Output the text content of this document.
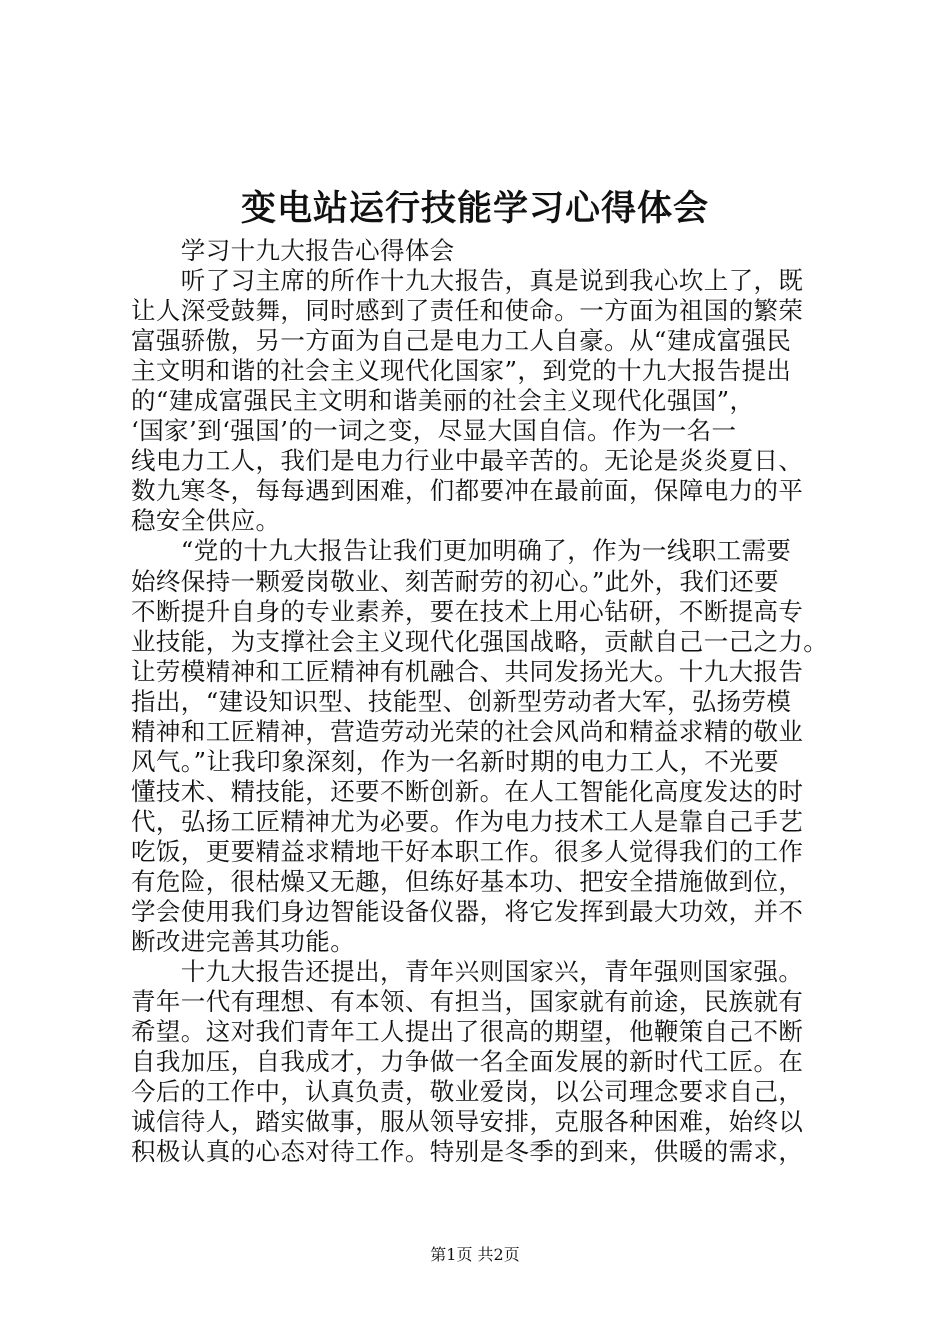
变电站运行技能学习心得体会
　　学习十九大报告心得体会
　　听了习主席的所作十九大报告，真是说到我心坎上了，既
让人深受鼓舞，同时感到了责任和使命。一方面为祖国的繁荣
富强骄傲，另一方面为自己是电力工人自豪。从“建成富强民
主文明和谐的社会主义现代化国家”，到党的十九大报告提出
的“建成富强民主文明和谐美丽的社会主义现代化强国”，
‘国家’到‘强国’的一词之变，尽显大国自信。作为一名一
线电力工人，我们是电力行业中最辛苦的。无论是炎炎夏日、
数九寒冬，每每遇到困难，们都要冲在最前面，保障电力的平
稳安全供应。
　　“党的十九大报告让我们更加明确了，作为一线职工需要
始终保持一颗爱岗敬业、刻苦耐劳的初心。”此外，我们还要
不断提升自身的专业素养，要在技术上用心钻研，不断提高专
业技能，为支撑社会主义现代化强国战略，贡献自己一己之力。
让劳模精神和工匠精神有机融合、共同发扬光大。十九大报告
指出，“建设知识型、技能型、创新型劳动者大军，弘扬劳模
精神和工匠精神，营造劳动光荣的社会风尚和精益求精的敬业
风气。”让我印象深刻，作为一名新时期的电力工人，不光要
懂技术、精技能，还要不断创新。在人工智能化高度发达的时
代，弘扬工匠精神尤为必要。作为电力技术工人是靠自己手艺
吃饭，更要精益求精地干好本职工作。很多人觉得我们的工作
有危险，很枯燥又无趣，但练好基本功、把安全措施做到位，
学会使用我们身边智能设备仪器，将它发挥到最大功效，并不
断改进完善其功能。
　　十九大报告还提出，青年兴则国家兴，青年强则国家强。
青年一代有理想、有本领、有担当，国家就有前途，民族就有
希望。这对我们青年工人提出了很高的期望，他鞭策自己不断
自我加压，自我成才，力争做一名全面发展的新时代工匠。在
今后的工作中，认真负责，敬业爱岗，以公司理念要求自己，
诚信待人，踏实做事，服从领导安排，克服各种困难，始终以
积极认真的心态对待工作。特别是冬季的到来，供暖的需求，
第1页 共2页
